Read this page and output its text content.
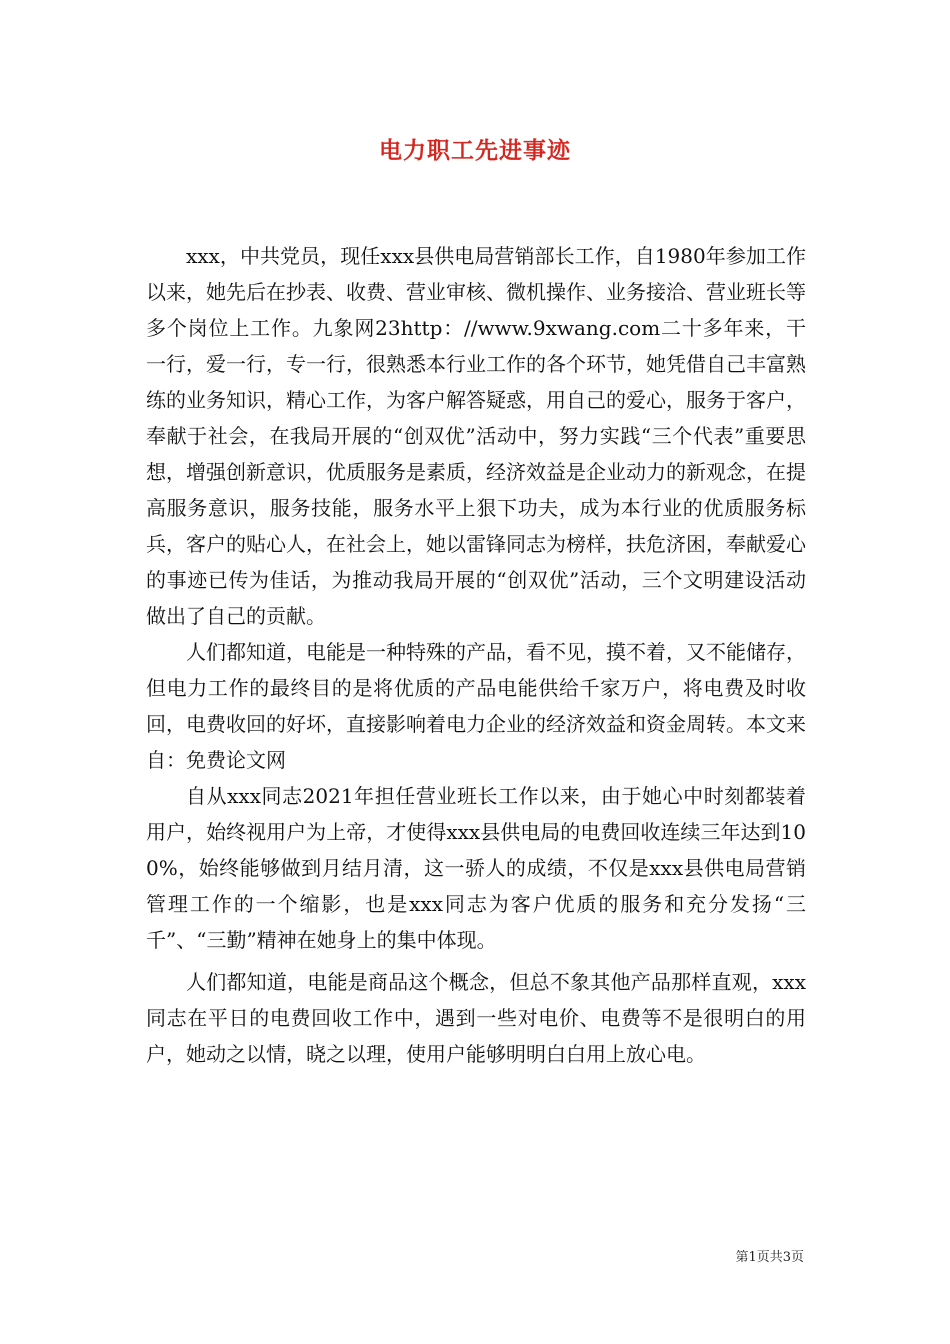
电力职工先进事迹

xxx，中共党员，现任xxx县供电局营销部长工作，自1980年参加工作以来，她先后在抄表、收费、营业审核、微机操作、业务接洽、营业班长等多个岗位上工作。九象网23http：//www.9xwang.com二十多年来，干一行，爱一行，专一行，很熟悉本行业工作的各个环节，她凭借自己丰富熟练的业务知识，精心工作，为客户解答疑惑，用自己的爱心，服务于客户，奉献于社会，在我局开展的“创双优”活动中，努力实践“三个代表”重要思想，增强创新意识，优质服务是素质，经济效益是企业动力的新观念，在提高服务意识，服务技能，服务水平上狠下功夫，成为本行业的优质服务标兵，客户的贴心人，在社会上，她以雷锋同志为榜样，扶危济困，奉献爱心的事迹已传为佳话，为推动我局开展的“创双优”活动，三个文明建设活动做出了自己的贡献。

人们都知道，电能是一种特殊的产品，看不见，摸不着，又不能储存，但电力工作的最终目的是将优质的产品电能供给千家万户，将电费及时收回，电费收回的好坏，直接影响着电力企业的经济效益和资金周转。本文来自：免费论文网

自从xxx同志2021年担任营业班长工作以来，由于她心中时刻都装着用户，始终视用户为上帝，才使得xxx县供电局的电费回收连续三年达到100%，始终能够做到月结月清，这一骄人的成绩，不仅是xxx县供电局营销管理工作的一个缩影，也是xxx同志为客户优质的服务和充分发扬“三千”、“三勤”精神在她身上的集中体现。

人们都知道，电能是商品这个概念，但总不象其他产品那样直观，xxx同志在平日的电费回收工作中，遇到一些对电价、电费等不是很明白的用户，她动之以情，晓之以理，使用户能够明明白白用上放心电。

第1页共3页
